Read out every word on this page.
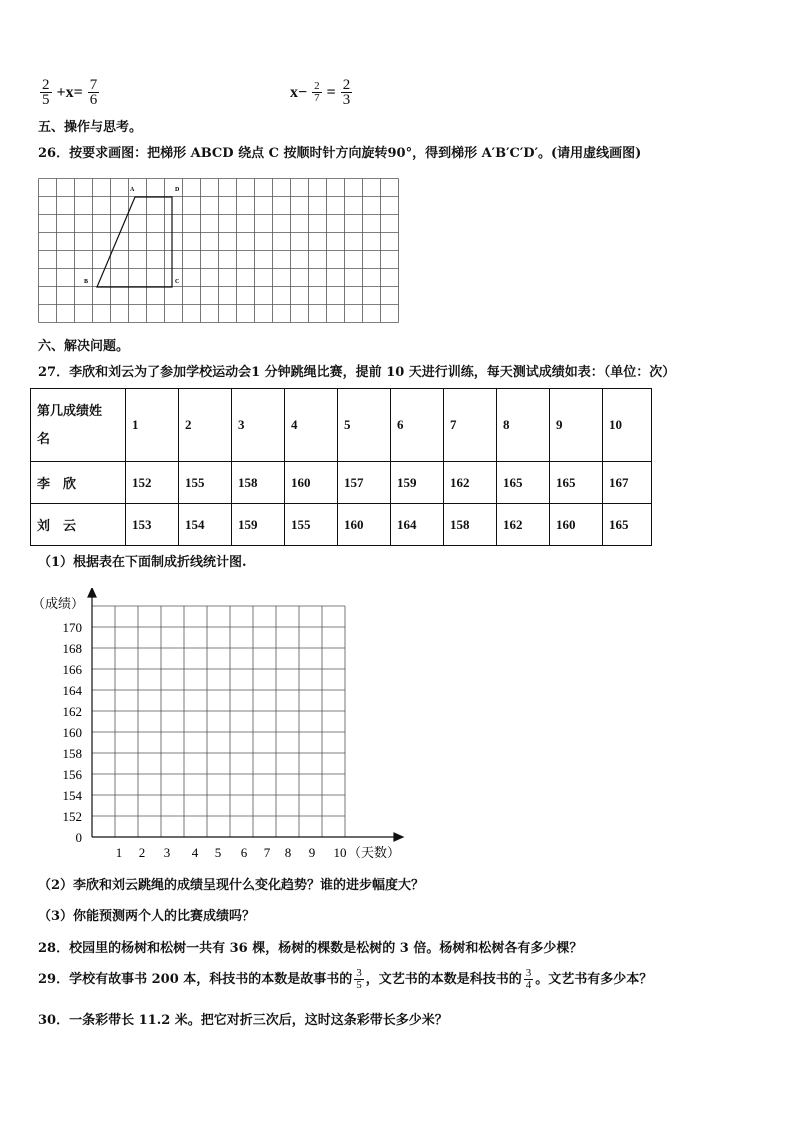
$\frac{2}{5} +x= \frac{7}{6}$	$x- \frac{2}{7} = \frac{2}{3}$
五、操作与思考。
26．按要求画图：把梯形 ABCD 绕点 C 按顺时针方向旋转90°，得到梯形 A′B′C′D′。(请用虚线画图)
A	D
B	C
六、解决问题。
27．李欣和刘云为了参加学校运动会1 分钟跳绳比赛，提前 10 天进行训练，每天测试成绩如表：（单位：次）
第几成绩姓
名	1	2	3	4	5	6	7	8	9	10
李　欣	152	155	158	160	157	159	162	165	165	167
刘　云	153	154	159	155	160	164	158	162	160	165
（1）根据表在下面制成折线统计图.
（成绩）
（天数）
170
168
166
164
162
160
158
156
154
152
0
1 2 3 4 5 6 7 8 9 10
（2）李欣和刘云跳绳的成绩呈现什么变化趋势？谁的进步幅度大？
（3）你能预测两个人的比赛成绩吗？
28．校园里的杨树和松树一共有 36 棵，杨树的棵数是松树的 3 倍。杨树和松树各有多少棵？
29．学校有故事书 200 本，科技书的本数是故事书的 $\frac{3}{5}$ ，文艺书的本数是科技书的 $\frac{3}{4}$ 。文艺书有多少本？
30．一条彩带长 11.2 米。把它对折三次后，这时这条彩带长多少米？
